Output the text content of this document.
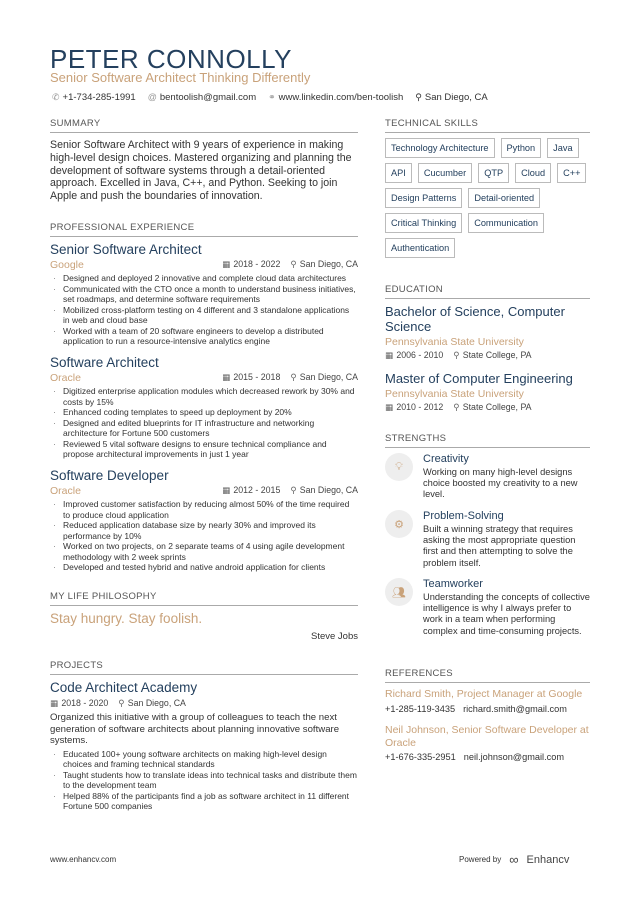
PETER CONNOLLY
Senior Software Architect Thinking Differently
✆ +1-734-285-1991 @ bentoolish@gmail.com ⚭ www.linkedin.com/ben-toolish ⚲ San Diego, CA
SUMMARY
Senior Software Architect with 9 years of experience in making high-level design choices. Mastered organizing and planning the development of software systems through a detail-oriented approach. Excelled in Java, C++, and Python. Seeking to join Apple and push the boundaries of innovation.
PROFESSIONAL EXPERIENCE
Senior Software Architect
Google	▦ 2018 - 2022 ⚲ San Diego, CA
· Designed and deployed 2 innovative and complete cloud data architectures
· Communicated with the CTO once a month to understand business initiatives, set roadmaps, and determine software requirements
· Mobilized cross-platform testing on 4 different and 3 standalone applications in web and cloud base
· Worked with a team of 20 software engineers to develop a distributed application to run a resource-intensive analytics engine
Software Architect
Oracle	▦ 2015 - 2018 ⚲ San Diego, CA
· Digitized enterprise application modules which decreased rework by 30% and costs by 15%
· Enhanced coding templates to speed up deployment by 20%
· Designed and edited blueprints for IT infrastructure and networking architecture for Fortune 500 customers
· Reviewed 5 vital software designs to ensure technical compliance and propose architectural improvements in just 1 year
Software Developer
Oracle	▦ 2012 - 2015 ⚲ San Diego, CA
· Improved customer satisfaction by reducing almost 50% of the time required to produce cloud application
· Reduced application database size by nearly 30% and improved its performance by 10%
· Worked on two projects, on 2 separate teams of 4 using agile development methodology with 2 week sprints
· Developed and tested hybrid and native android application for clients
MY LIFE PHILOSOPHY
Stay hungry. Stay foolish.
Steve Jobs
PROJECTS
Code Architect Academy
▦ 2018 - 2020 ⚲ San Diego, CA
Organized this initiative with a group of colleagues to teach the next generation of software architects about planning innovative software systems.
· Educated 100+ young software architects on making high-level design choices and framing technical standards
· Taught students how to translate ideas into technical tasks and distribute them to the development team
· Helped 88% of the participants find a job as software architect in 11 different Fortune 500 companies
TECHNICAL SKILLS
Technology Architecture	Python	Java
API	Cucumber	QTP	Cloud	C++
Design Patterns	Detail-oriented
Critical Thinking	Communication
Authentication
EDUCATION
Bachelor of Science, Computer Science
Pennsylvania State University
▦ 2006 - 2010 ⚲ State College, PA
Master of Computer Engineering
Pennsylvania State University
▦ 2010 - 2012 ⚲ State College, PA
STRENGTHS
💡︎
Creativity
Working on many high-level designs choice boosted my creativity to a new level.
⚙
Problem-Solving
Built a winning strategy that requires asking the most appropriate question first and then attempting to solve the problem itself.
👥︎
Teamworker
Understanding the concepts of collective intelligence is why I always prefer to work in a team when performing complex and time-consuming projects.
REFERENCES
Richard Smith, Project Manager at Google
+1-285-119-3435 richard.smith@gmail.com
Neil Johnson, Senior Software Developer at Oracle
+1-676-335-2951 neil.johnson@gmail.com
www.enhancv.com	Powered by ∞ Enhancv
